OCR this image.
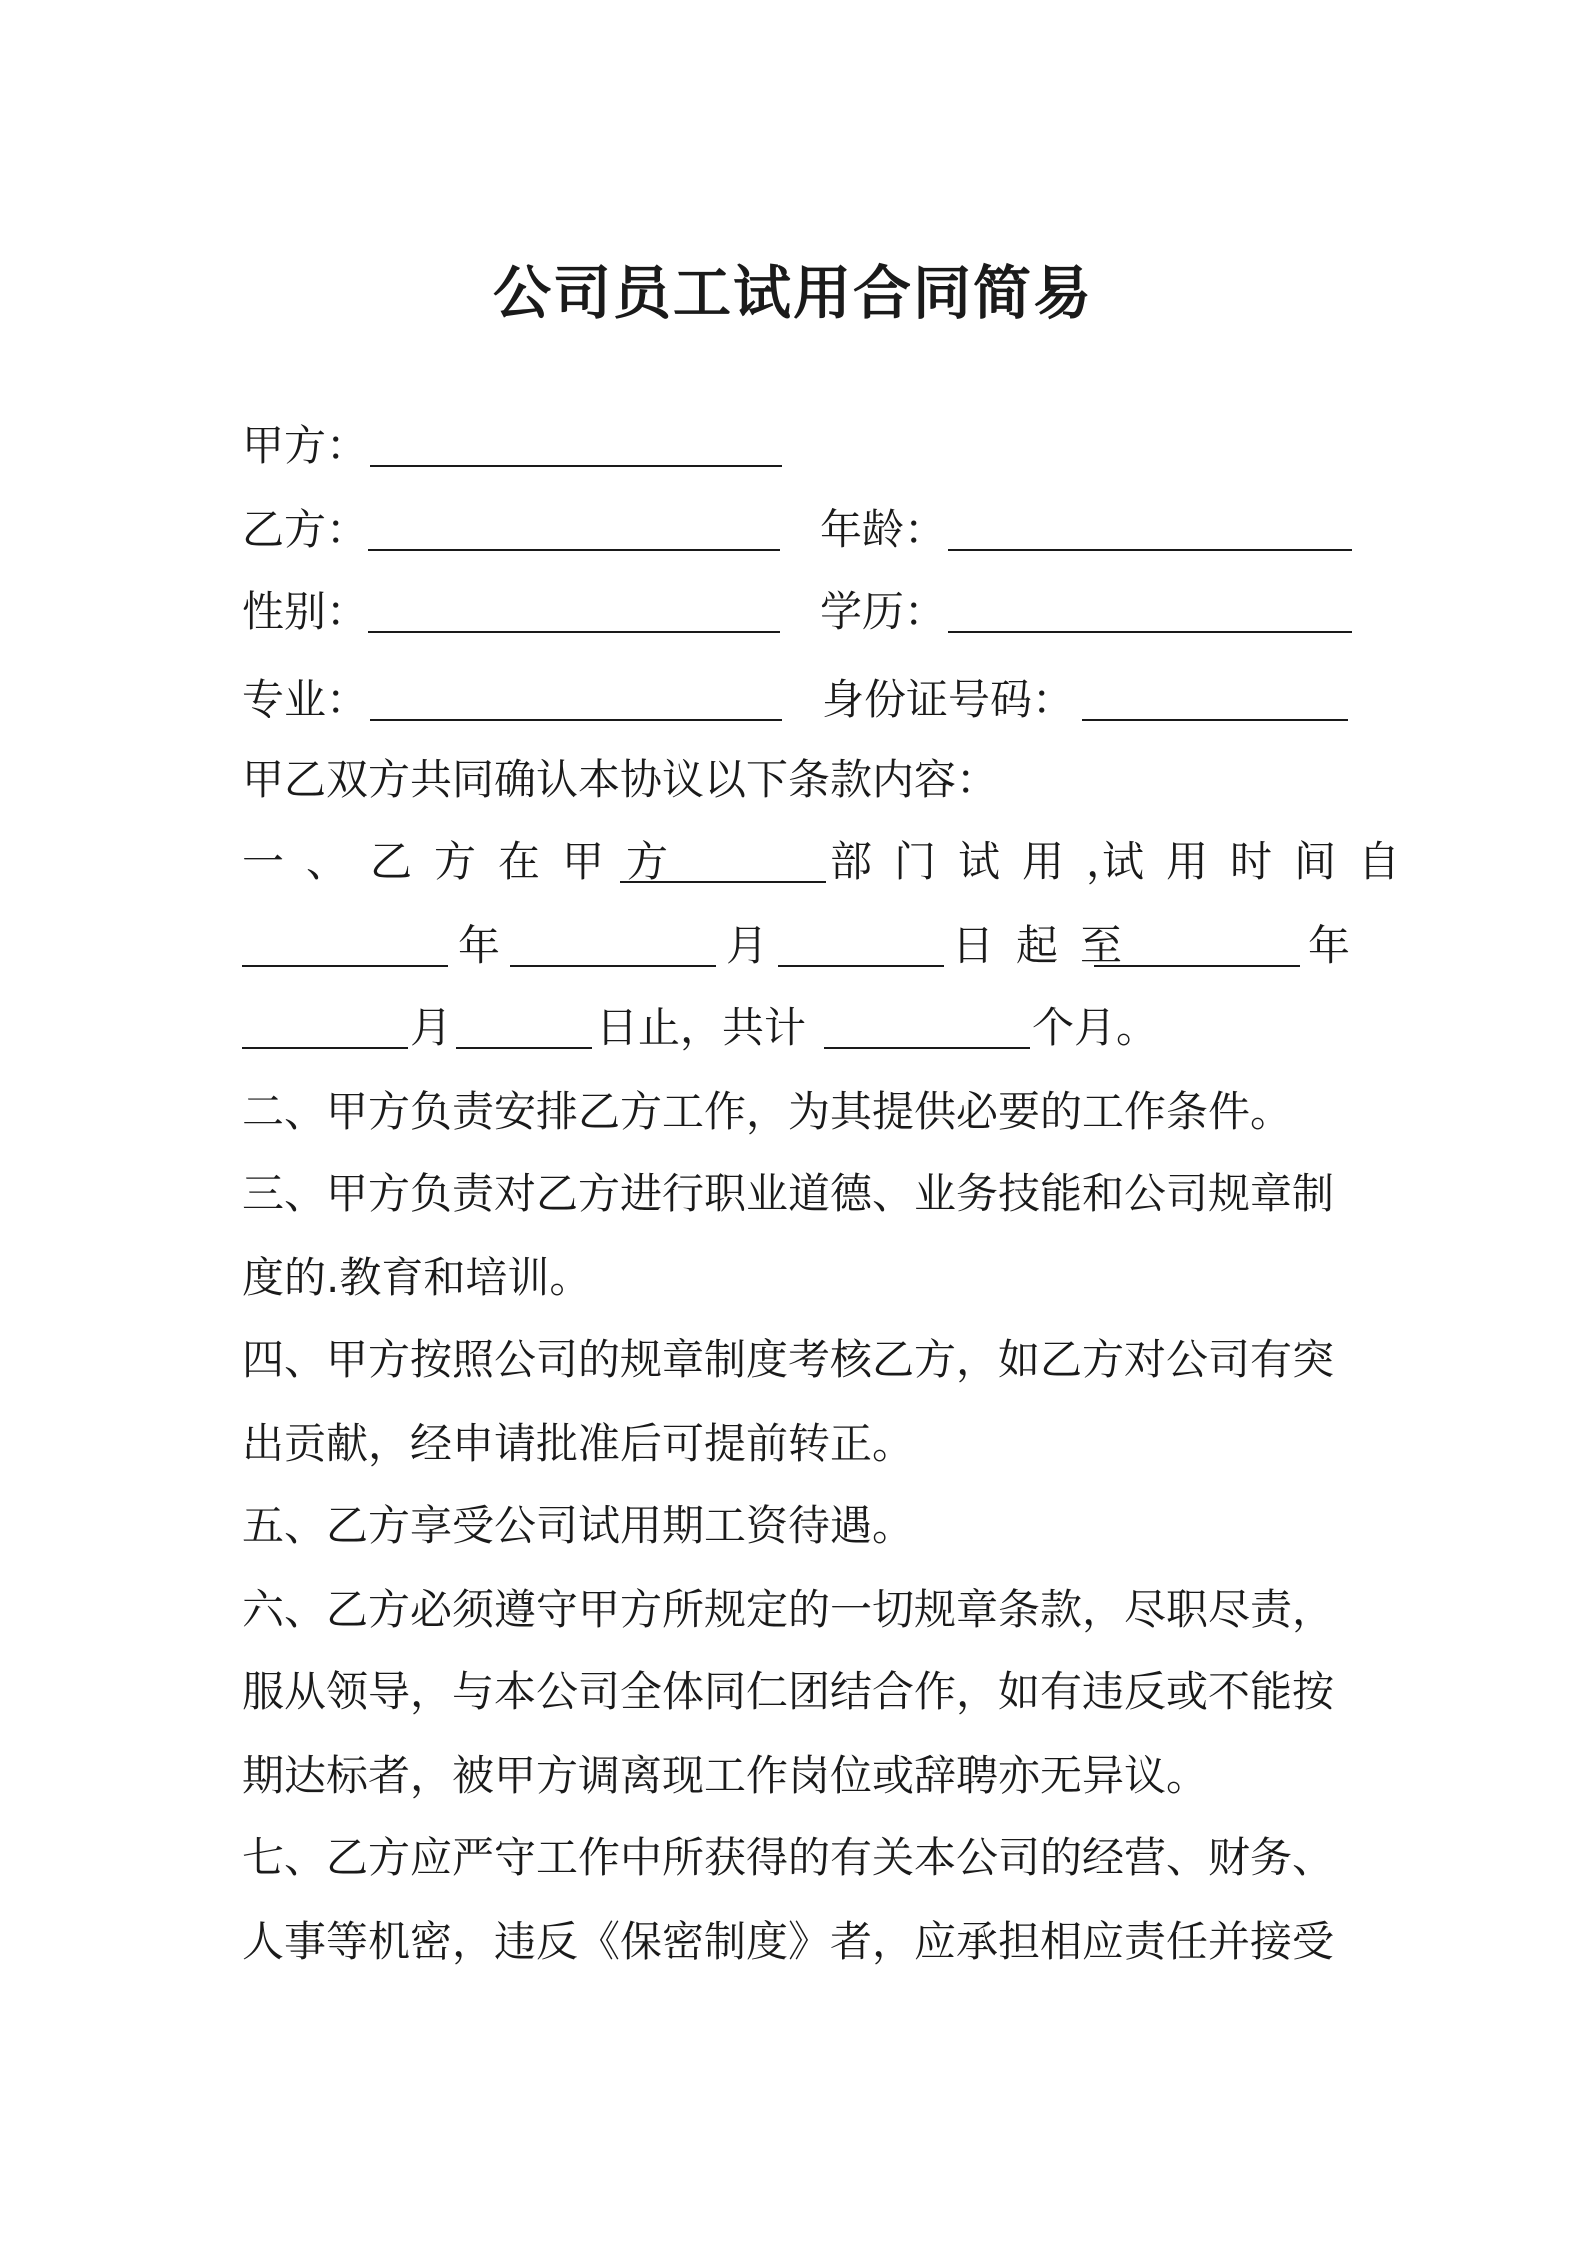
公司员工试用合同简易
甲方：
乙方：	年龄：
性别：	学历：
专业：	身份证号码：
甲乙双方共同确认本协议以下条款内容：
一、乙方在甲方	部门试用，
试用时间自
年	月	日起至	年
月	日止，共计	个月。
二、甲方负责安排乙方工作，为其提供必要的工作条件。
三、甲方负责对乙方进行职业道德、业务技能和公司规章制
度的.教育和培训。
四、甲方按照公司的规章制度考核乙方，如乙方对公司有突
出贡献，经申请批准后可提前转正。
五、乙方享受公司试用期工资待遇。
六、乙方必须遵守甲方所规定的一切规章条款，尽职尽责，
服从领导，与本公司全体同仁团结合作，如有违反或不能按
期达标者，被甲方调离现工作岗位或辞聘亦无异议。
七、乙方应严守工作中所获得的有关本公司的经营、财务、
人事等机密，违反《保密制度》者，应承担相应责任并接受
